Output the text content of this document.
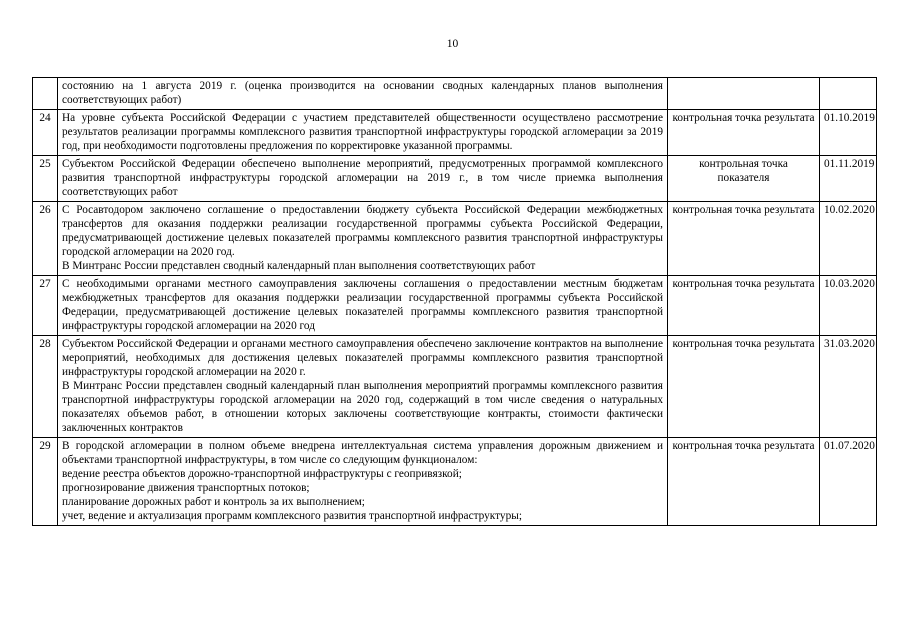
10

	состоянию на 1 августа 2019 г. (оценка производится на основании сводных календарных планов выполнения соответствующих работ)		

24	На уровне субъекта Российской Федерации с участием представителей общественности осуществлено рассмотрение результатов реализации программы комплексного развития транспортной инфраструктуры городской агломерации за 2019 год, при необходимости подготовлены предложения по корректировке указанной программы.	контрольная точка результата	01.10.2019
25	Субъектом Российской Федерации обеспечено выполнение мероприятий, предусмотренных программой комплексного развития транспортной инфраструктуры городской агломерации на 2019 г., в том числе приемка выполнения соответствующих работ	контрольная точка показателя	01.11.2019
26	С Росавтодором заключено соглашение о предоставлении бюджету субъекта Российской Федерации межбюджетных трансфертов для оказания поддержки реализации государственной программы субъекта Российской Федерации, предусматривающей достижение целевых показателей программы комплексного развития транспортной инфраструктуры городской агломерации на 2020 год.
В Минтранс России представлен сводный календарный план выполнения соответствующих работ	контрольная точка результата	10.02.2020
27	С необходимыми органами местного самоуправления заключены соглашения о предоставлении местным бюджетам межбюджетных трансфертов для оказания поддержки реализации государственной программы субъекта Российской Федерации, предусматривающей достижение целевых показателей программы комплексного развития транспортной инфраструктуры городской агломерации на 2020 год	контрольная точка результата	10.03.2020
28	Субъектом Российской Федерации и органами местного самоуправления обеспечено заключение контрактов на выполнение мероприятий, необходимых для достижения целевых показателей программы комплексного развития транспортной инфраструктуры городской агломерации на 2020 г.
В Минтранс России представлен сводный календарный план выполнения мероприятий программы комплексного развития транспортной инфраструктуры городской агломерации на 2020 год, содержащий в том числе сведения о натуральных показателях объемов работ, в отношении которых заключены соответствующие контракты, стоимости фактически заключенных контрактов	контрольная точка результата	31.03.2020
29	В городской агломерации в полном объеме внедрена интеллектуальная система управления дорожным движением и объектами транспортной инфраструктуры, в том числе со следующим функционалом:
ведение реестра объектов дорожно-транспортной инфраструктуры с геопривязкой;
прогнозирование движения транспортных потоков;
планирование дорожных работ и контроль за их выполнением;
учет, ведение и актуализация программ комплексного развития транспортной инфраструктуры;	контрольная точка результата	01.07.2020
